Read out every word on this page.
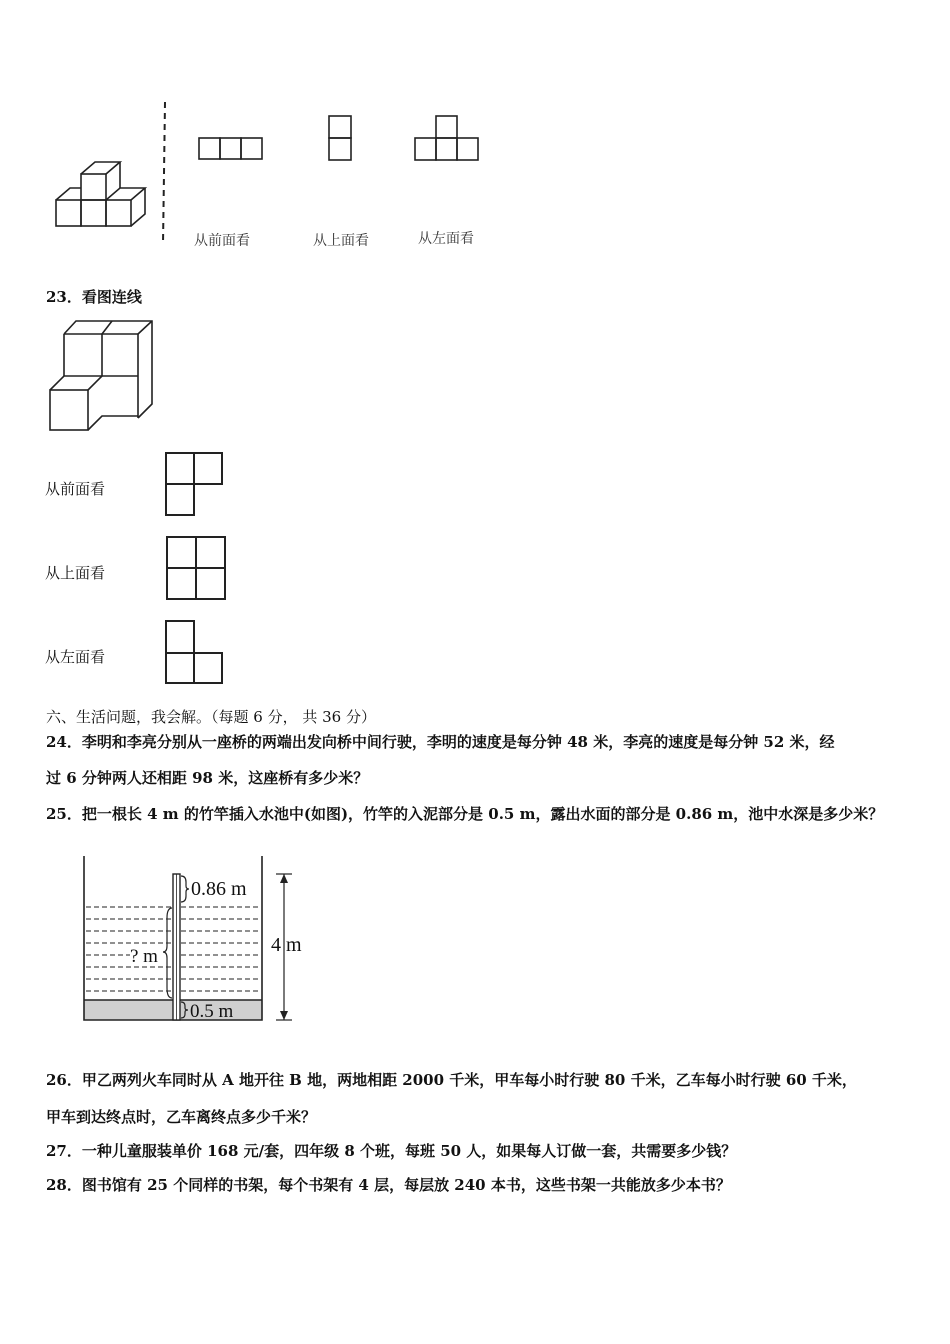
从前面看	从上面看	从左面看
23．看图连线
从前面看
从上面看
从左面看
六、生活问题，我会解。（每题 6 分， 共 36 分）
24．李明和李亮分别从一座桥的两端出发向桥中间行驶，李明的速度是每分钟 48 米，李亮的速度是每分钟 52 米，经
过 6 分钟两人还相距 98 米，这座桥有多少米？
25．把一根长 4 m 的竹竿插入水池中(如图)，竹竿的入泥部分是 0.5 m，露出水面的部分是 0.86 m，池中水深是多少米？
0.86 m
4 m
? m
0.5 m
26．甲乙两列火车同时从 A 地开往 B 地，两地相距 2000 千米，甲车每小时行驶 80 千米，乙车每小时行驶 60 千米，
甲车到达终点时，乙车离终点多少千米？
27．一种儿童服装单价 168 元/套，四年级 8 个班，每班 50 人，如果每人订做一套，共需要多少钱？
28．图书馆有 25 个同样的书架，每个书架有 4 层，每层放 240 本书，这些书架一共能放多少本书？
